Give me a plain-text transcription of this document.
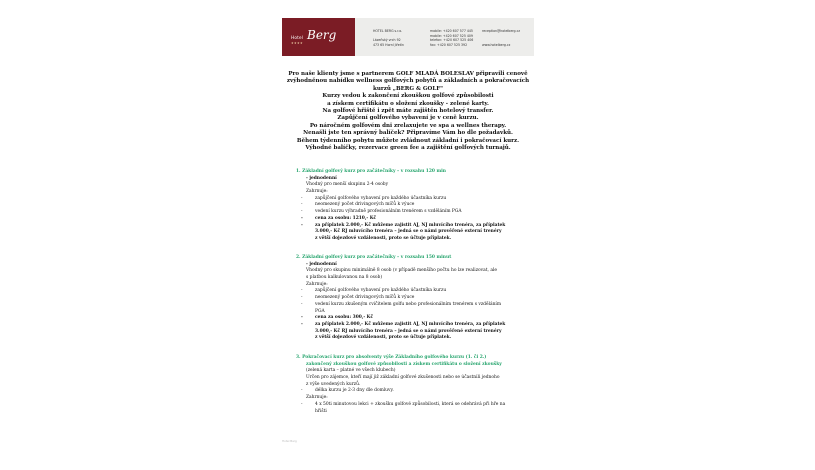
Hotel Berg
★★★★
HOTEL BERG s.r.o.
Lázeňský vrch 92
473 65 Horní Jiřetín
mobile: +420 607 577 445
mobile: +420 607 525 409
telefon: +420 607 525 406
fax: +420 607 525 392
reception@hotelberg.cz
www.hotelberg.cz
Pro naše klienty jsme s partnerem GOLF MLADÁ BOLESLAV připravili cenově
zvýhodněnou nabídku wellness golfových pobytů a základních a pokračovacích
kurzů „BERG & GOLF"
Kurzy vedou k zakončení zkouškou golfové způsobilosti
a získem certifikátu o složení zkoušky - zelené karty.
Na golfové hřiště i zpět máte zajištěn hotelový transfer.
Zapůjčení golfového vybavení je v ceně kurzu.
Po náročném golfovém dni zrelaxujete ve spa a wellnes therapy.
Nenašli jste ten správný balíček? Připravíme Vám ho dle požadavků.
Během týdenního pobytu můžete zvládnout základní i pokračovací kurz.
Výhodné balíčky, rezervace green fee a zajištění golfových turnajů.
1. Základní golfový kurz pro začátečníky – v rozsahu 120 min
- jednodenní
Vhodný pro menší skupinu 2-4 osoby
Zahrnuje:
- zapůjčení golfového vybavení pro každého účastníka kurzu
- neomezený počet drivingových míčů k výuce
- vedení kurzu výhradně profesionálním trenérem s vzděláním PGA
- cena za osobu: 1210,- Kč
- za příplatek 2.000,- Kč můžeme zajistit AJ, NJ mluvícího trenéra, za příplatek
3.000,- Kč RJ mluvícího trenéra – jedná se o námi prověřené externí trenéry
z větší dojezdové vzdálenosti, proto se účtuje příplatek.
2. Základní golfový kurz pro začátečníky – v rozsahu 150 minut
- jednodenní
Vhodný pro skupinu minimálně 8 osob (v případě menšího počtu ho lze realizovat, ale
s platbou kalkulovanou na 8 osob)
Zahrnuje:
- zapůjčení golfového vybavení pro každého účastníka kurzu
- neomezený počet drivingových míčů k výuce
- vedení kurzu zkušeným cvičitelem golfu nebo profesionálním trenérem s vzděláním
PGA
- cena za osobu: 300,- Kč
- za příplatek 2.000,- Kč můžeme zajistit AJ, NJ mluvícího trenéra, za příplatek
3.000,- Kč RJ mluvícího trenéra – jedná se o námi prověřené externí trenéry
z větší dojezdové vzdálenosti, proto se účtuje příplatek.
3. Pokračovací kurz pro absolventy výše Základního golfového kurzu (1. či 2.)
zakončený zkouškou golfové způsobilosti a získem certifikátu o složení zkoušky
(zelená karta – platné ve všech klubech)
Určen pro zájemce, kteří mají již základní golfové zkušenosti nebo se účastnili jednoho
z výše uvedených kurzů.
- délka kurzu je 2-3 dny dle domluvy.
Zahrnuje:
- 4 x 50ti minutovou lekci + zkoušku golfové způsobilosti, která se odehrává při hře na
hřišti
Hotel Berg
